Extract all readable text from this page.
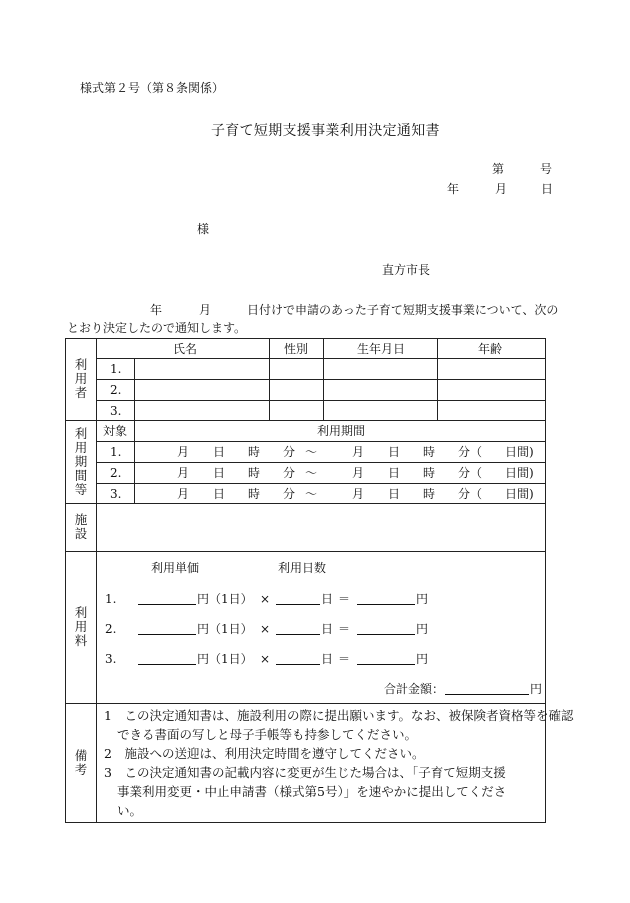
様式第２号（第８条関係）
子育て短期支援事業利用決定通知書
第	号
年	月	日
様
直方市長
年	月	日付けで申請のあった子育て短期支援事業について、次の
とおり決定したので通知します。
利用者
氏名	性別	生年月日	年齢
1.
2.
3.
利用期間等
対象	利用期間
1.	月 日 時 分 ～	月 日 時 分（ 日間)
2.	月 日 時 分 ～	月 日 時 分（ 日間)
3.	月 日 時 分 ～	月 日 時 分（ 日間)
施設
利用料
利用単価	利用日数
1.	円（1日） ×	日 ＝	円
2.	円（1日） ×	日 ＝	円
3.	円（1日） ×	日 ＝	円
合計金額：	円
備考
1　この決定通知書は、施設利用の際に提出願います。なお、被保険者資格等を確認
できる書面の写しと母子手帳等も持参してください。
2　施設への送迎は、利用決定時間を遵守してください。
3　この決定通知書の記載内容に変更が生じた場合は、「子育て短期支援
事業利用変更・中止申請書（様式第5号）」を速やかに提出してくださ
い。
